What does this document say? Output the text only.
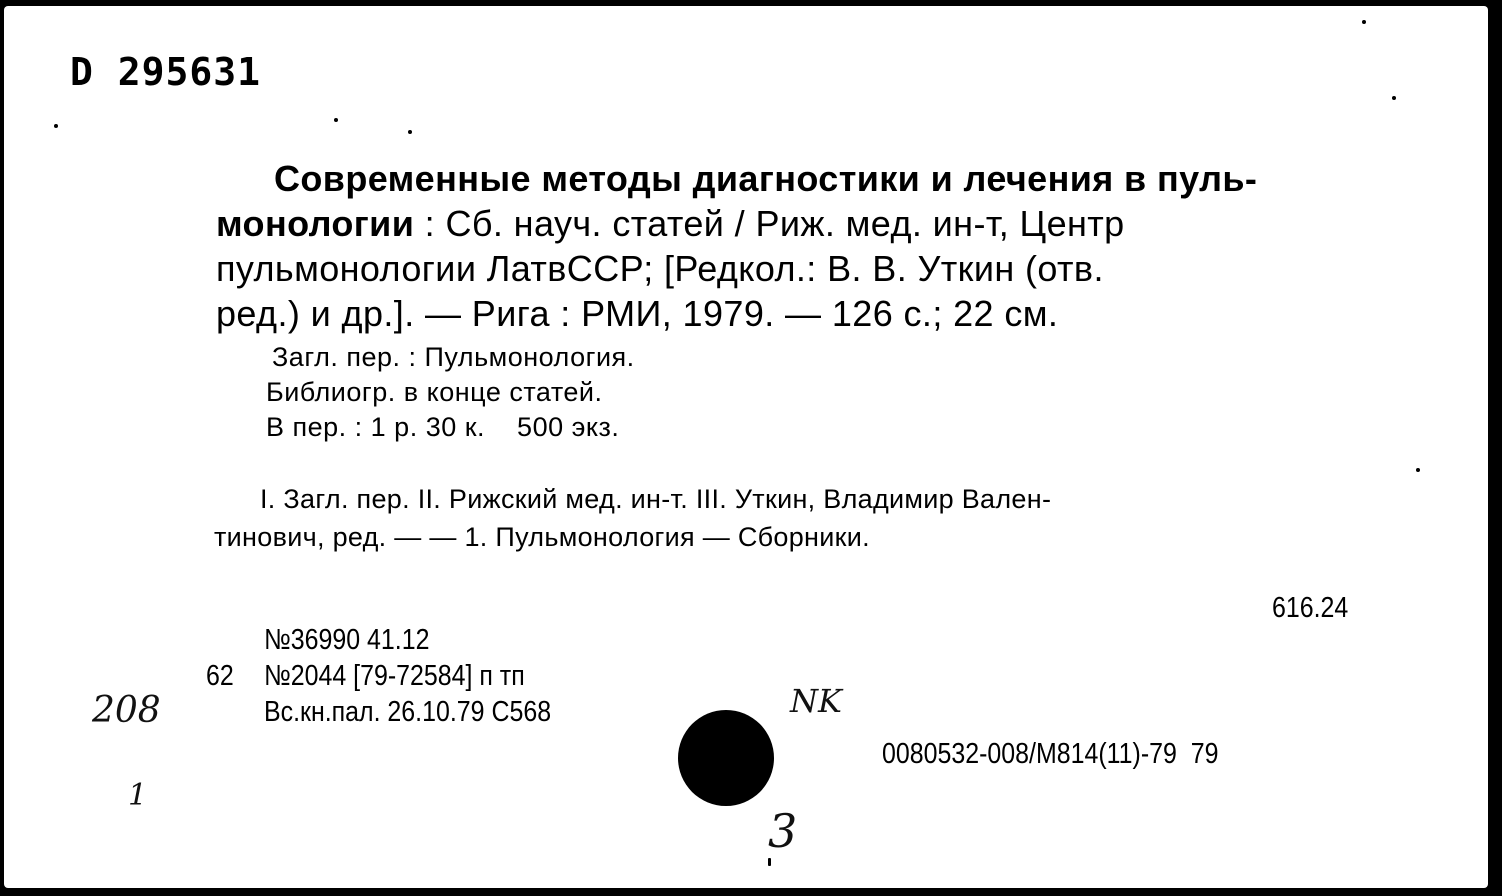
D 295631
Современные методы диагностики и лечения в пуль-
монологии : Сб. науч. статей / Риж. мед. ин-т, Центр
пульмонологии ЛатвССР; [Редкол.: В. В. Уткин (отв.
ред.) и др.]. — Рига : РМИ, 1979. — 126 с.; 22 см.
Загл. пер. : Пульмонология.
Библиогр. в конце статей.
В пер. : 1 р. 30 к.    500 экз.
I. Загл. пер. II. Рижский мед. ин-т. III. Уткин, Владимир Вален-
тинович, ред. — — 1. Пульмонология — Сборники.
616.24
№36990 41.12
62 №2044 [79-72584] п тп
Вс.кн.пал. 26.10.79 С568
0080532-008/М814(11)-79  79
208
1
NK
3
